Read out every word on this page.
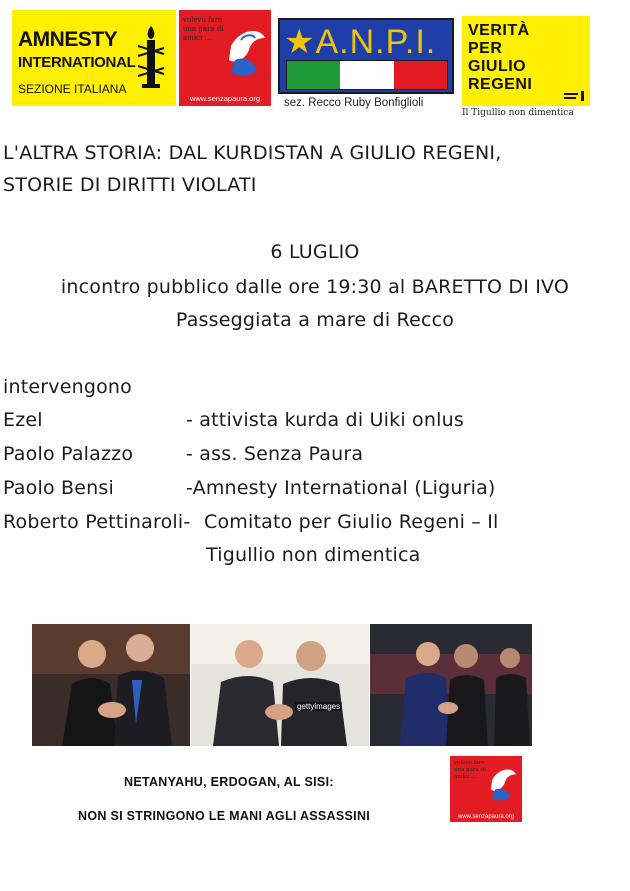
AMNESTY
INTERNATIONAL
SEZIONE ITALIANA
volevo fare una gara di amici ...
www.senzapaura.org
★A.N.P.I.
sez. Recco Ruby Bonfiglioli
VERITÀ
PER
GIULIO
REGENI
Il Tigullio non dimentica
L'ALTRA STORIA: DAL KURDISTAN A GIULIO REGENI,
STORIE DI DIRITTI VIOLATI
6 LUGLIO
incontro pubblico dalle ore 19:30 al BARETTO DI IVO
Passeggiata a mare di Recco
intervengono
Ezel	- attivista kurda di Uiki onlus
Paolo Palazzo	- ass. Senza Paura
Paolo Bensi	-Amnesty International (Liguria)
Roberto Pettinaroli- Comitato per Giulio Regeni – Il
Tigullio non dimentica
gettyimages
NETANYAHU, ERDOGAN, AL SISI:
NON SI STRINGONO LE MANI AGLI ASSASSINI
volevo fare una gara di amici ...
www.senzapaura.org
